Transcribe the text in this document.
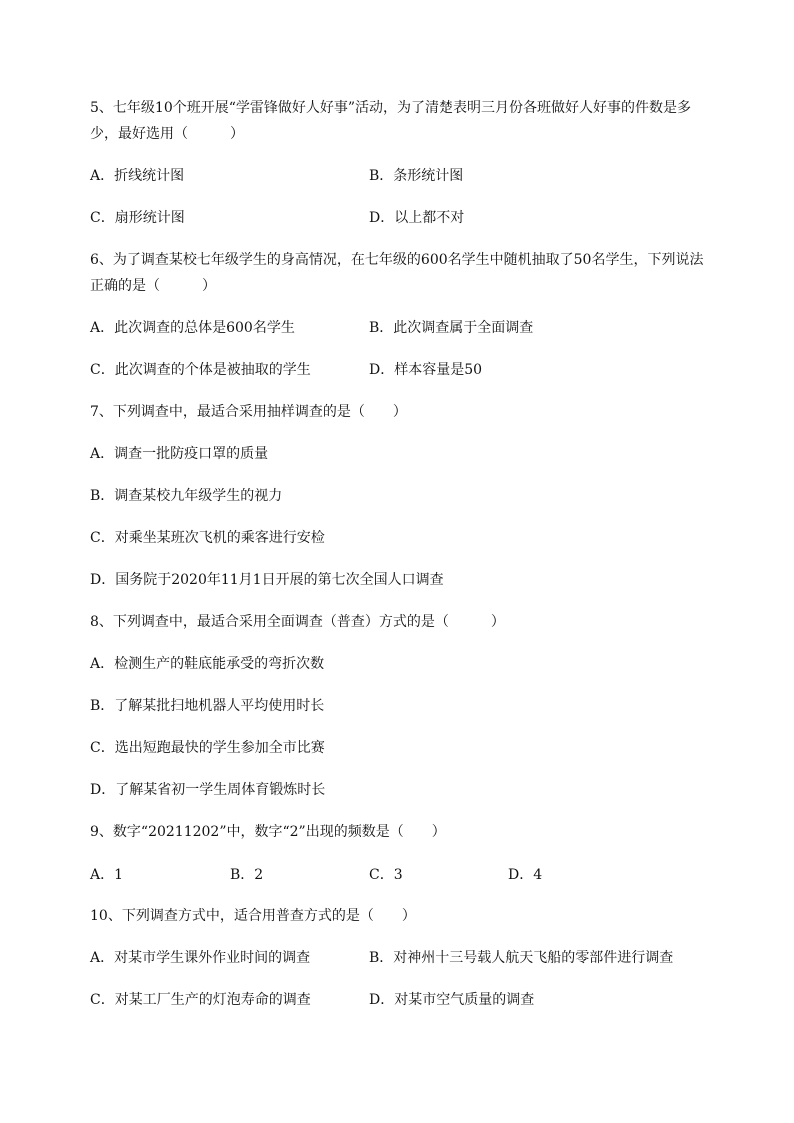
5、七年级10个班开展“学雷锋做好人好事”活动，为了清楚表明三月份各班做好人好事的件数是多
少，最好选用（　　　）
A．折线统计图	B．条形统计图
C．扇形统计图	D．以上都不对
6、为了调查某校七年级学生的身高情况，在七年级的600名学生中随机抽取了50名学生，下列说法
正确的是（　　　）
A．此次调查的总体是600名学生	B．此次调查属于全面调查
C．此次调查的个体是被抽取的学生	D．样本容量是50
7、下列调查中，最适合采用抽样调查的是（　　）
A．调查一批防疫口罩的质量
B．调查某校九年级学生的视力
C．对乘坐某班次飞机的乘客进行安检
D．国务院于2020年11月1日开展的第七次全国人口调查
8、下列调查中，最适合采用全面调查（普查）方式的是（　　　）
A．检测生产的鞋底能承受的弯折次数
B．了解某批扫地机器人平均使用时长
C．选出短跑最快的学生参加全市比赛
D．了解某省初一学生周体育锻炼时长
9、数字“20211202”中，数字“2”出现的频数是（　　）
A．1	B．2	C．3	D．4
10、下列调查方式中，适合用普查方式的是（　　）
A．对某市学生课外作业时间的调查	B．对神州十三号载人航天飞船的零部件进行调查
C．对某工厂生产的灯泡寿命的调查	D．对某市空气质量的调查
